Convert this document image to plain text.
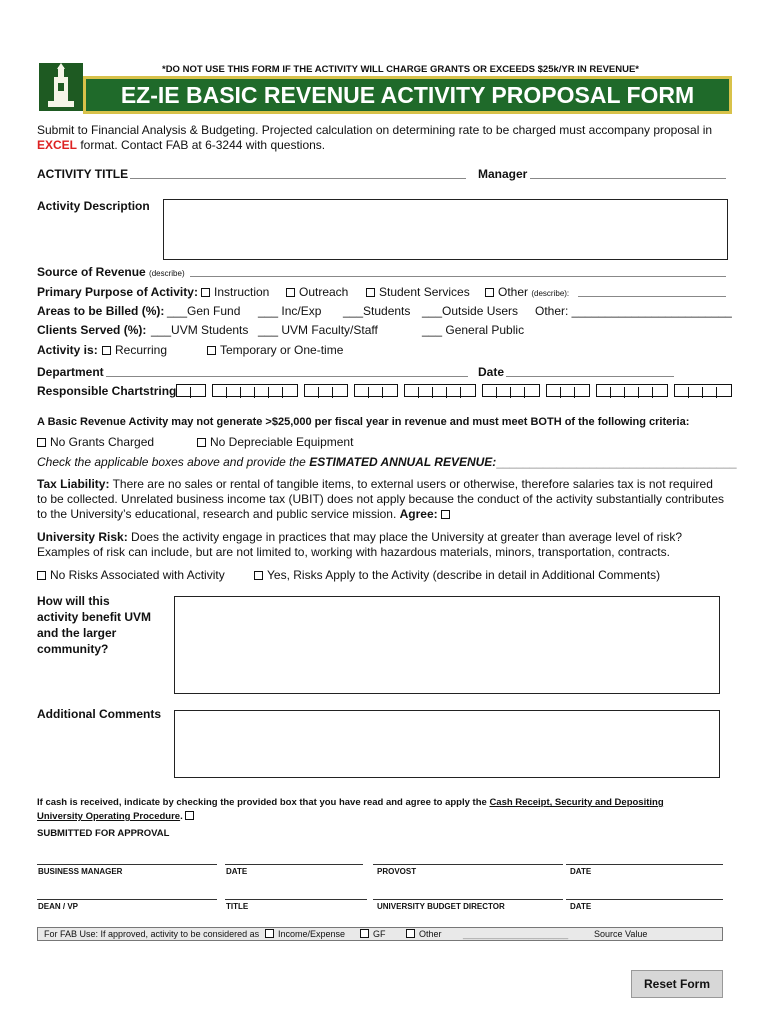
*DO NOT USE THIS FORM IF THE ACTIVITY WILL CHARGE GRANTS OR EXCEEDS $25k/YR IN REVENUE*
EZ-IE BASIC REVENUE ACTIVITY PROPOSAL FORM
Submit to Financial Analysis & Budgeting. Projected calculation on determining rate to be charged must accompany proposal in
EXCEL format. Contact FAB at 6-3244 with questions.
ACTIVITY TITLE	Manager
Activity Description
Source of Revenue (describe)
Primary Purpose of Activity:	Instruction	Outreach	Student Services	Other (describe):
Areas to be Billed (%): ___Gen Fund ___ Inc/Exp ___Students ___Outside Users Other: ________________________
Clients Served (%): ___UVM Students ___ UVM Faculty/Staff	___ General Public
Activity is:	Recurring	Temporary or One-time
Department	Date
Responsible Chartstring
A Basic Revenue Activity may not generate >$25,000 per fiscal year in revenue and must meet BOTH of the following criteria:
No Grants Charged	No Depreciable Equipment
Check the applicable boxes above and provide the ESTIMATED ANNUAL REVENUE:____________________________________
Tax Liability: There are no sales or rental of tangible items, to external users or otherwise, therefore salaries tax is not required
to be collected. Unrelated business income tax (UBIT) does not apply because the conduct of the activity substantially contributes
to the University’s educational, research and public service mission. Agree:
University Risk: Does the activity engage in practices that may place the University at greater than average level of risk?
Examples of risk can include, but are not limited to, working with hazardous materials, minors, transportation, contracts.
No Risks Associated with Activity	Yes, Risks Apply to the Activity (describe in detail in Additional Comments)
How will this
activity benefit UVM
and the larger
community?
Additional Comments
If cash is received, indicate by checking the provided box that you have read and agree to apply the Cash Receipt, Security and Depositing
University Operating Procedure.
SUBMITTED FOR APPROVAL
BUSINESS MANAGER	DATE	PROVOST	DATE
DEAN / VP	TITLE	UNIVERSITY BUDGET DIRECTOR	DATE
For FAB Use: If approved, activity to be considered as	Income/Expense	GF	Other _____________________	Source Value
Reset Form
